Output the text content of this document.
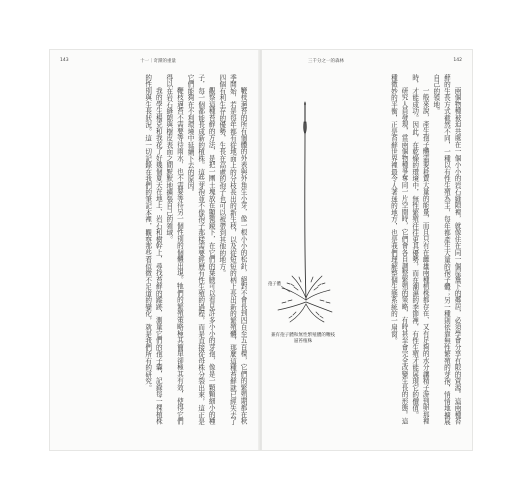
143	十一｜奇蹟的重量

鞭枝逼苔的所有個體的外表與外角生小芽，像一根小小的松針，絕對不會長到四百至五百棵，它們的繁殖期都在秋季開始，若是每年都有從地面上的分枝長出的新生枝，以及從短短的柄上長出新的繁殖體，那麼這種苔蘚就已經失去了四個有利生存的優勢，生長在高處的孢子也可以被帶到其他的地方。

觀察這種苔蘚的方法，是把一團土塊放在顯微鏡下，在它們的葉腋可以看見許多小小的芽孢，像是一顆顆細小的種子，每一個都能長成新的植株。這些芽孢並不像孢子那樣需要經歷有性生殖的過程，而是直接從母株分裂出來，這正是它們能夠在不利環境中延續下去的原因。

鞭枝逼苔不需要等待雨水，也不需要等待另一個性別的個體出現。牠們的繁殖策略極其簡單卻極其有效，使得它們得以在岩石縫隙與樹皮表面之間默默地擴張自己的領域。

我的學生楊克和我花了好幾個夏天在地上、岩石和樹幹上，尋找苔蘚的蹤跡，測量它們的孢子囊，記錄每一棵植株的性別與生長狀況。這一切記錄在我們的筆記本裡，觀察那些看似微不足道的變化，就是我們所有的研究。

三千分之一的森林	142
孢子體
兼有孢子體和無性繁殖體的鞭枝逼苔植株	兩個物種被迫共處在一個小小的岩石縫隙裡，就像住在同一個屋簷下的鄰居，必須學會分享有限的資源。這兩種苔蘚的生長方式截然不同，一種以有性生殖為主，每年都產生大量的孢子體；另一種則依靠無性繁殖的芽孢，悄悄地擴展自己的領地。

一般來說，產生孢子體需要耗費大量的能量，而且只有在雌雄兩種植株都存在、又有足夠的水分讓精子游到卵那裡時，才能成功。因此，在乾燥的環境中，無性繁殖往往更具優勢，而在潮濕的季節裡，有性生殖才能展現它的價值。

研究人員發現，當兩個物種爭奪同一片空間時，它們會各自調整繁殖的策略，有時甚至會完全改變生長的形態。這種微妙的平衡，正是苔蘚世界裡最令人著迷的地方，也是我們理解整個生態系統的一扇窗。
